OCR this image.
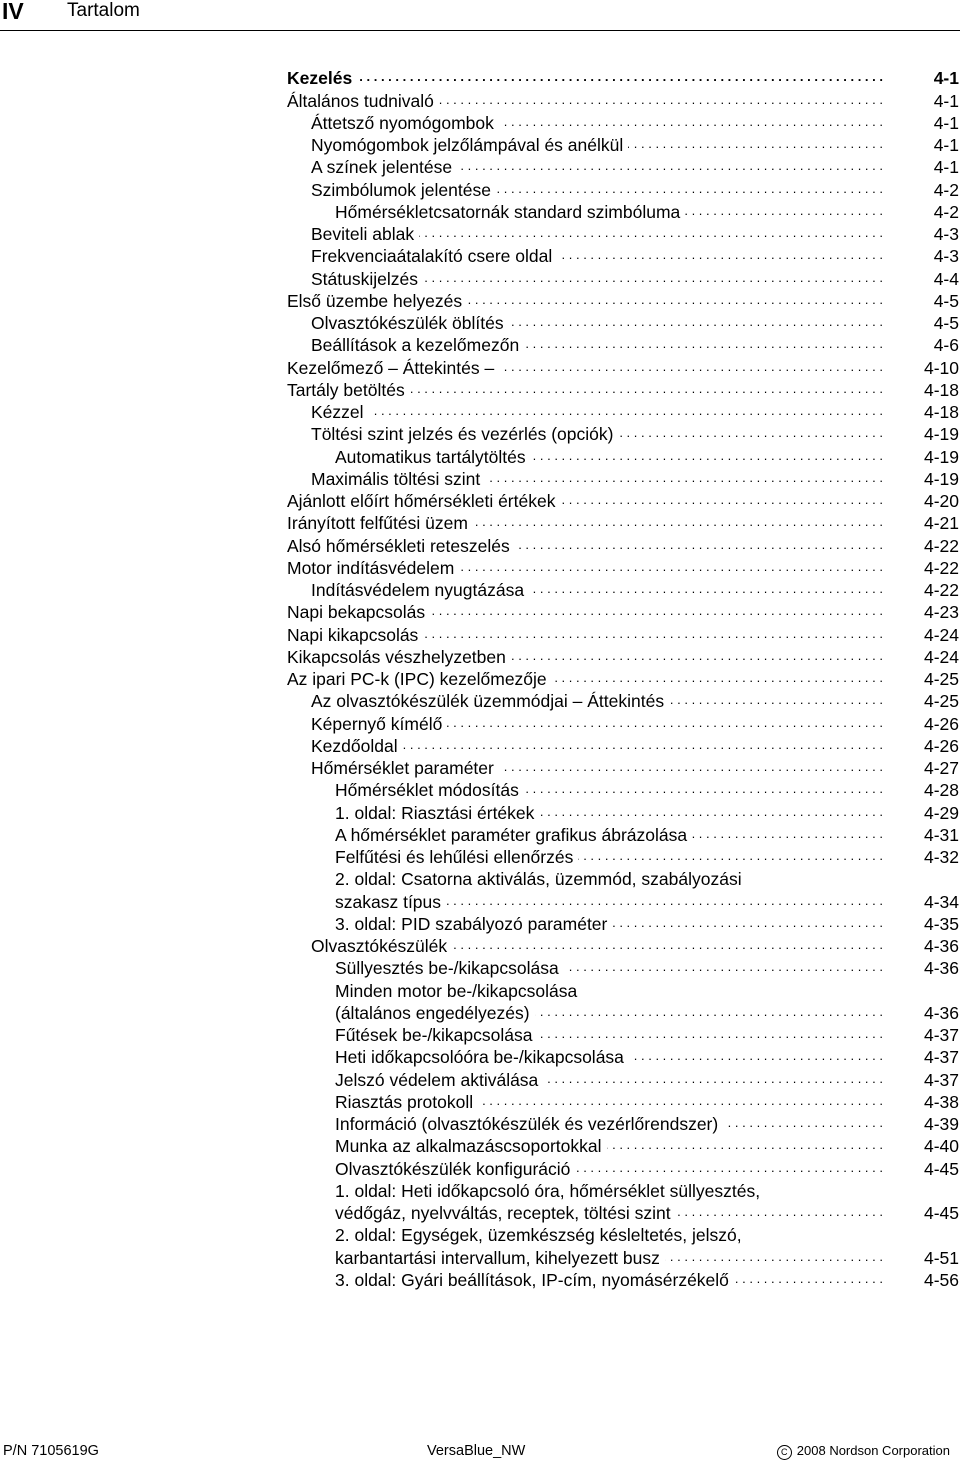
IV Tartalom
Kezelés . . .	4-1
Általános tudnivaló . . .	4-1
Áttetsző nyomógombok . . .	4-1
Nyomógombok jelzőlámpával és anélkül . . .	4-1
A színek jelentése . . .	4-1
Szimbólumok jelentése . . .	4-2
Hőmérsékletcsatornák standard szimbóluma . . .	4-2
Beviteli ablak . . .	4-3
Frekvenciaátalakító csere oldal . . .	4-3
Státuskijelzés . . .	4-4
Első üzembe helyezés . . .	4-5
Olvasztókészülék öblítés . . .	4-5
Beállítások a kezelőmezőn . . .	4-6
Kezelőmező – Áttekintés – . . .	4-10
Tartály betöltés . . .	4-18
Kézzel . . .	4-18
Töltési szint jelzés és vezérlés (opciók) . . .	4-19
Automatikus tartálytöltés . . .	4-19
Maximális töltési szint . . .	4-19
Ajánlott előírt hőmérsékleti értékek . . .	4-20
Irányított felfűtési üzem . . .	4-21
Alsó hőmérsékleti reteszelés . . .	4-22
Motor indításvédelem . . .	4-22
Indításvédelem nyugtázása . . .	4-22
Napi bekapcsolás . . .	4-23
Napi kikapcsolás . . .	4-24
Kikapcsolás vészhelyzetben . . .	4-24
Az ipari PC-k (IPC) kezelőmezője . . .	4-25
Az olvasztókészülék üzemmódjai – Áttekintés . . .	4-25
Képernyő kímélő . . .	4-26
Kezdőoldal . . .	4-26
Hőmérséklet paraméter . . .	4-27
Hőmérséklet módosítás . . .	4-28
1. oldal: Riasztási értékek . . .	4-29
A hőmérséklet paraméter grafikus ábrázolása . . .	4-31
Felfűtési és lehűlési ellenőrzés . . .	4-32
2. oldal: Csatorna aktiválás, üzemmód, szabályozási
szakasz típus . . .	4-34
3. oldal: PID szabályozó paraméter . . .	4-35
Olvasztókészülék . . .	4-36
Süllyesztés be-/kikapcsolása . . .	4-36
Minden motor be-/kikapcsolása
(általános engedélyezés) . . .	4-36
Fűtések be-/kikapcsolása . . .	4-37
Heti időkapcsolóóra be-/kikapcsolása . . .	4-37
Jelszó védelem aktiválása . . .	4-37
Riasztás protokoll . . .	4-38
Információ (olvasztókészülék és vezérlőrendszer) . . .	4-39
Munka az alkalmazáscsoportokkal . . .	4-40
Olvasztókészülék konfiguráció . . .	4-45
1. oldal: Heti időkapcsoló óra, hőmérséklet süllyesztés,
védőgáz, nyelvváltás, receptek, töltési szint . . .	4-45
2. oldal: Egységek, üzemkészség késleltetés, jelszó,
karbantartási intervallum, kihelyezett busz . . .	4-51
3. oldal: Gyári beállítások, IP-cím, nyomásérzékelő . . .	4-56
P/N 7105619G	VersaBlue_NW	C 2008 Nordson Corporation
